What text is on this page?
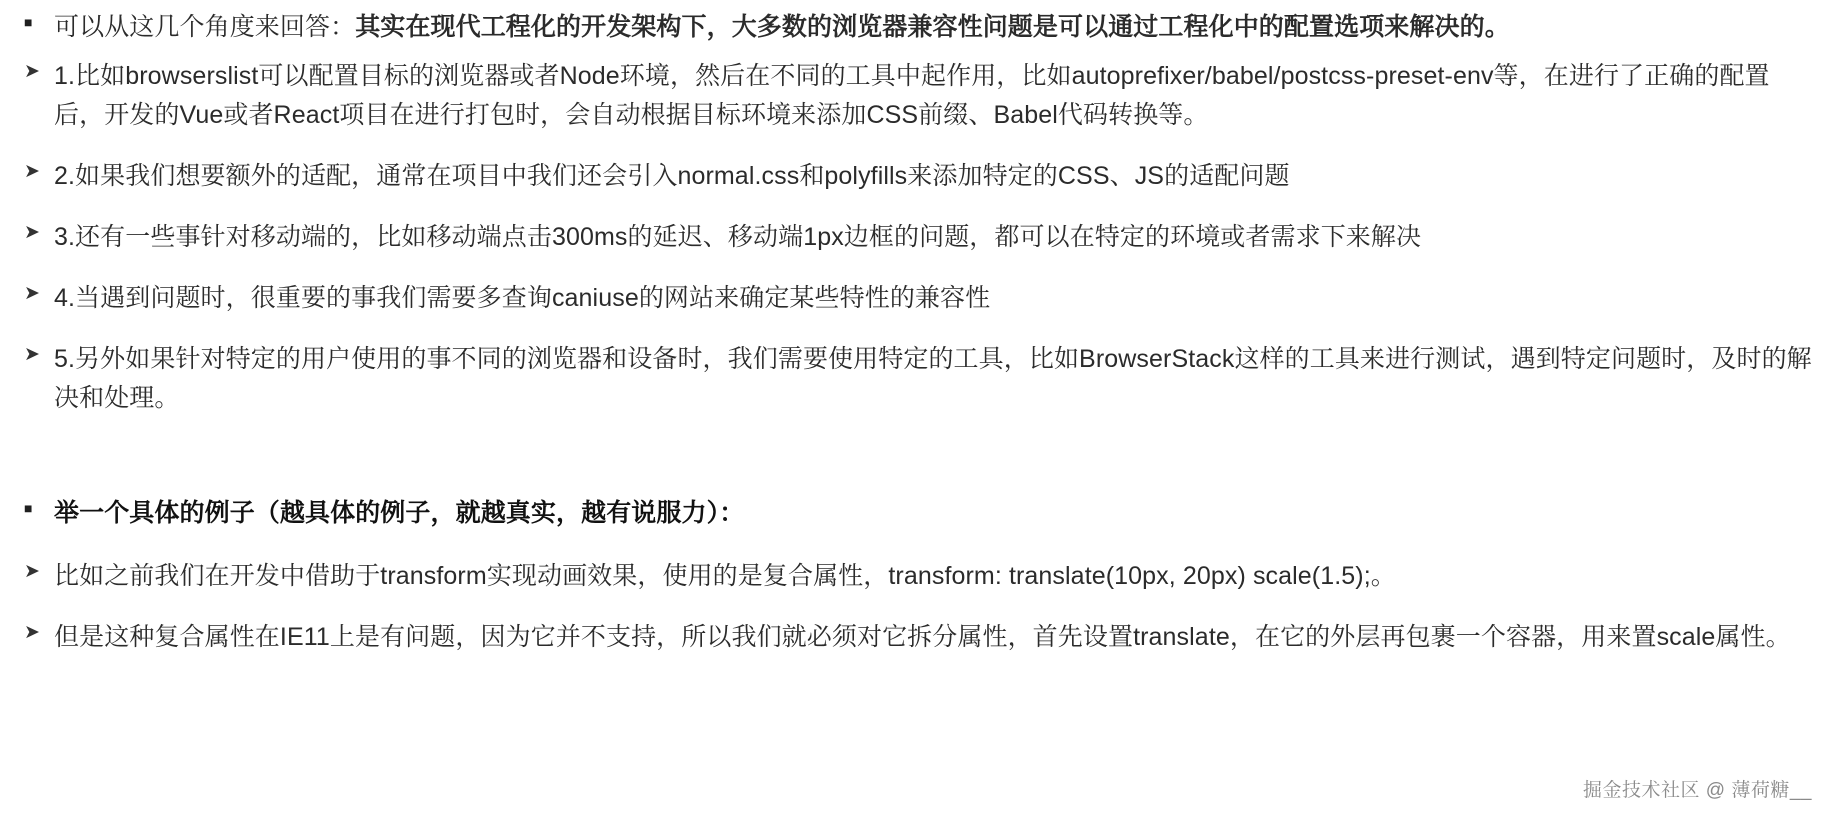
■ 可以从这几个角度来回答：其实在现代工程化的开发架构下，大多数的浏览器兼容性问题是可以通过工程化中的配置选项来解决的。
➤ 1.比如browserslist可以配置目标的浏览器或者Node环境，然后在不同的工具中起作用，比如autoprefixer/babel/postcss-preset-env等，在进行了正确的配置后，开发的Vue或者React项目在进行打包时，会自动根据目标环境来添加CSS前缀、Babel代码转换等。
➤ 2.如果我们想要额外的适配，通常在项目中我们还会引入normal.css和polyfills来添加特定的CSS、JS的适配问题
➤ 3.还有一些事针对移动端的，比如移动端点击300ms的延迟、移动端1px边框的问题，都可以在特定的环境或者需求下来解决
➤ 4.当遇到问题时，很重要的事我们需要多查询caniuse的网站来确定某些特性的兼容性
➤ 5.另外如果针对特定的用户使用的事不同的浏览器和设备时，我们需要使用特定的工具，比如BrowserStack这样的工具来进行测试，遇到特定问题时，及时的解决和处理。
■ 举一个具体的例子（越具体的例子，就越真实，越有说服力）：
➤ 比如之前我们在开发中借助于transform实现动画效果，使用的是复合属性，transform: translate(10px, 20px) scale(1.5);。
➤ 但是这种复合属性在IE11上是有问题，因为它并不支持，所以我们就必须对它拆分属性，首先设置translate，在它的外层再包裹一个容器，用来置scale属性。
掘金技术社区 @ 薄荷糖__
